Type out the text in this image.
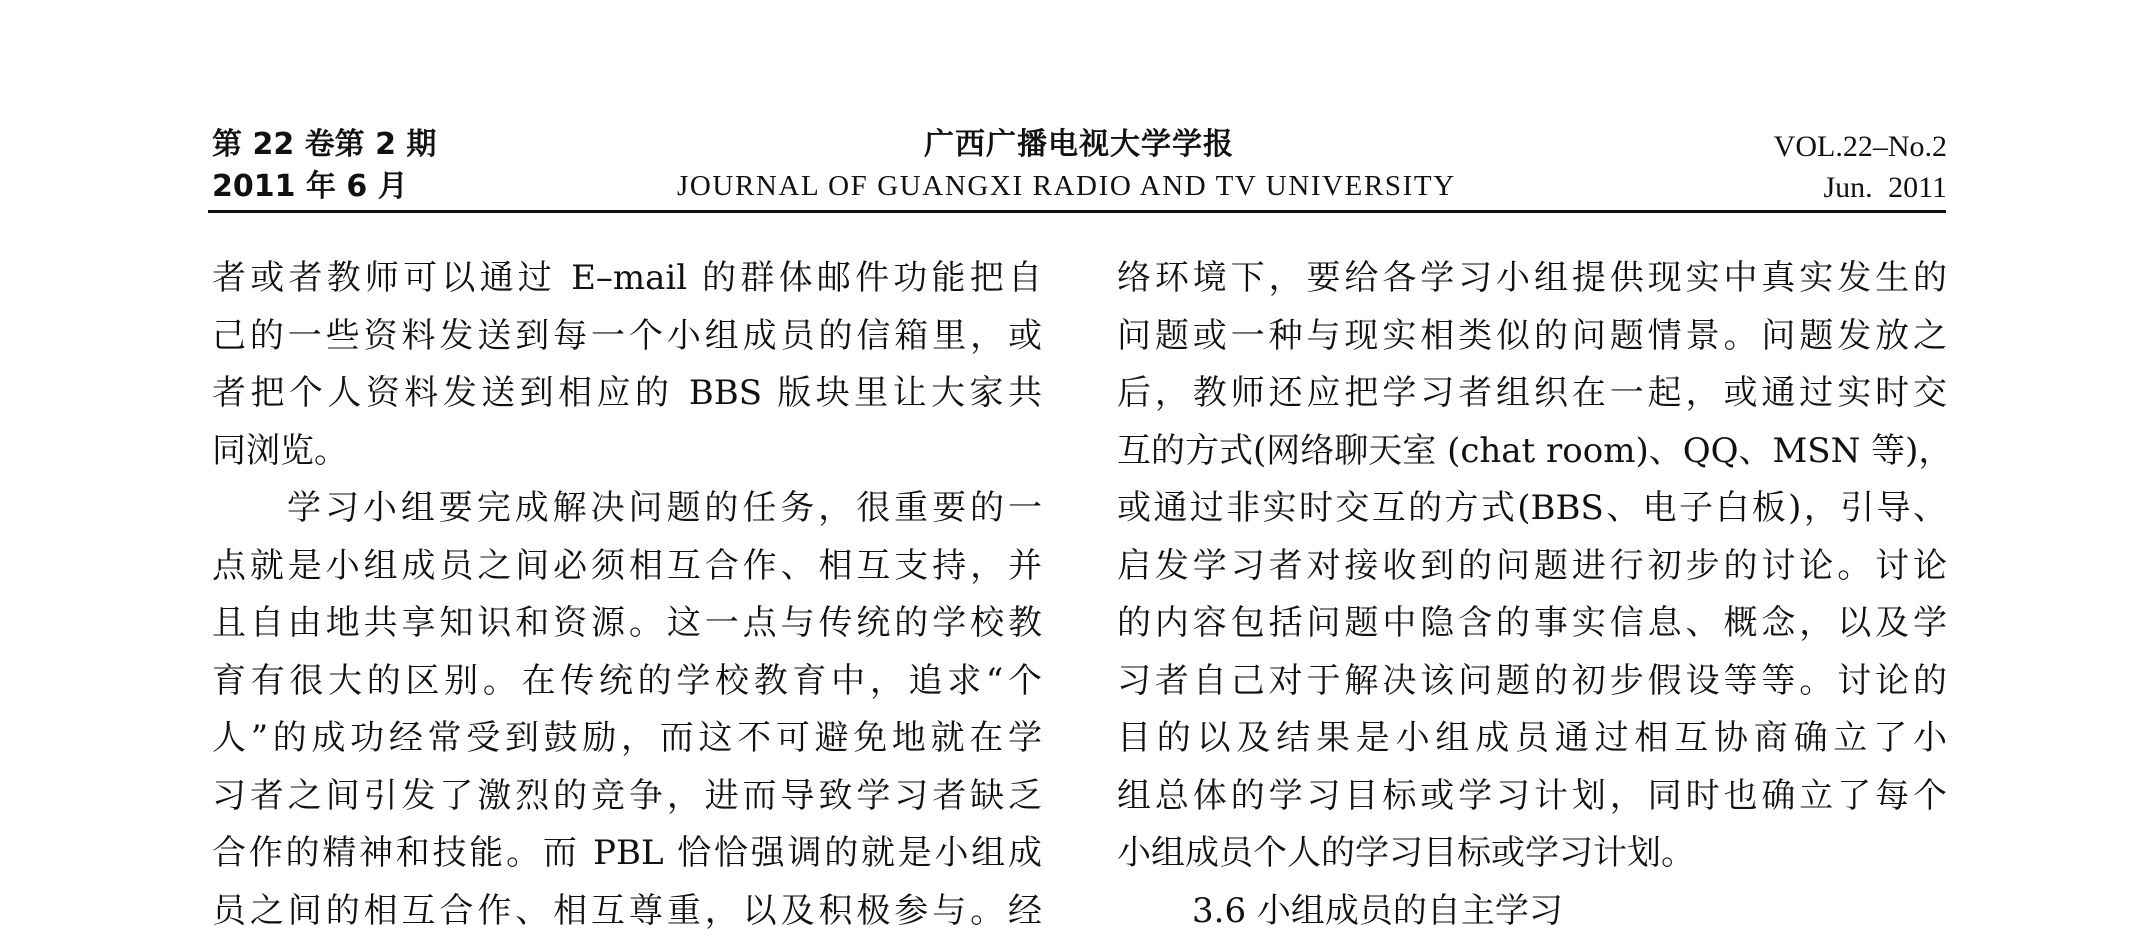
第 22 卷第 2 期
2011 年 6 月
广西广播电视大学学报
JOURNAL OF GUANGXI RADIO AND TV UNIVERSITY
VOL.22–No.2
Jun. 2011
者或者教师可以通过 E–mail 的群体邮件功能把自
己的一些资料发送到每一个小组成员的信箱里，或
者把个人资料发送到相应的 BBS 版块里让大家共
同浏览。
学习小组要完成解决问题的任务，很重要的一
点就是小组成员之间必须相互合作、相互支持，并
且自由地共享知识和资源。这一点与传统的学校教
育有很大的区别。在传统的学校教育中，追求“个
人”的成功经常受到鼓励，而这不可避免地就在学
习者之间引发了激烈的竞争，进而导致学习者缺乏
合作的精神和技能。而 PBL 恰恰强调的就是小组成
员之间的相互合作、相互尊重，以及积极参与。经
络环境下，要给各学习小组提供现实中真实发生的
问题或一种与现实相类似的问题情景。问题发放之
后，教师还应把学习者组织在一起，或通过实时交
互的方式(网络聊天室 (chat room)、QQ、MSN 等)，
或通过非实时交互的方式(BBS、电子白板)，引导、
启发学习者对接收到的问题进行初步的讨论。讨论
的内容包括问题中隐含的事实信息、概念，以及学
习者自己对于解决该问题的初步假设等等。讨论的
目的以及结果是小组成员通过相互协商确立了小
组总体的学习目标或学习计划，同时也确立了每个
小组成员个人的学习目标或学习计划。
3.6 小组成员的自主学习
